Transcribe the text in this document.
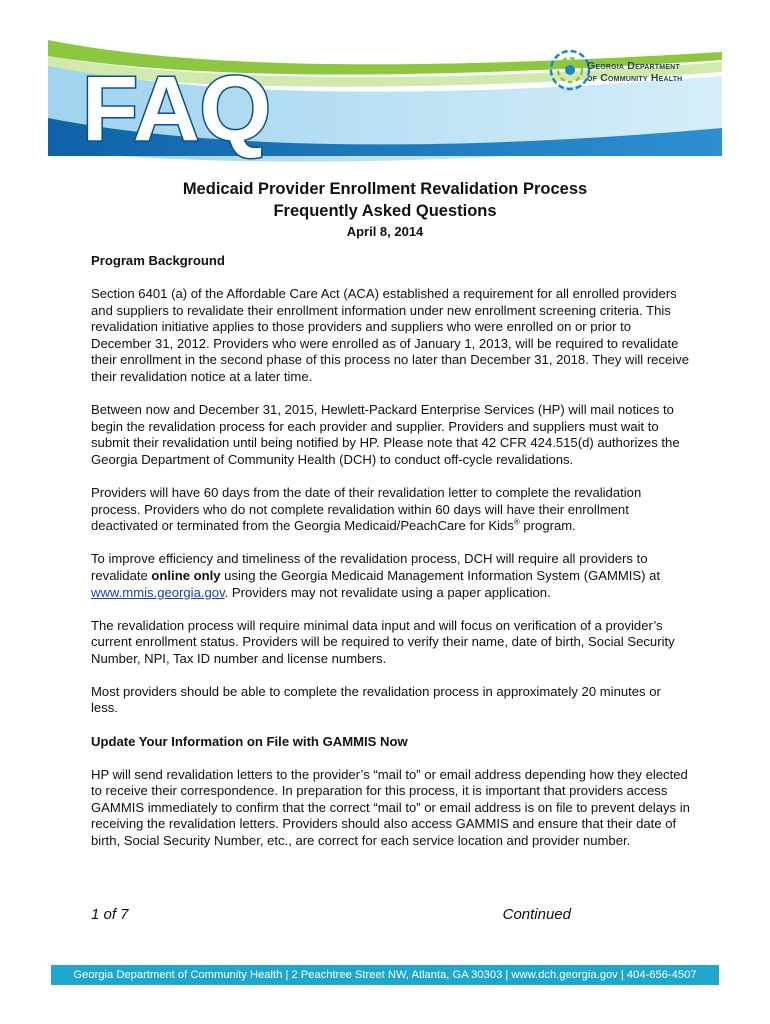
FAQ	Georgia Department
of Community Health
Medicaid Provider Enrollment Revalidation Process
Frequently Asked Questions
April 8, 2014
Program Background

Section 6401 (a) of the Affordable Care Act (ACA) established a requirement for all enrolled providers and suppliers to revalidate their enrollment information under new enrollment screening criteria. This revalidation initiative applies to those providers and suppliers who were enrolled on or prior to December 31, 2012. Providers who were enrolled as of January 1, 2013, will be required to revalidate their enrollment in the second phase of this process no later than December 31, 2018. They will receive their revalidation notice at a later time.

Between now and December 31, 2015, Hewlett-Packard Enterprise Services (HP) will mail notices to begin the revalidation process for each provider and supplier. Providers and suppliers must wait to submit their revalidation until being notified by HP. Please note that 42 CFR 424.515(d) authorizes the Georgia Department of Community Health (DCH) to conduct off-cycle revalidations.

Providers will have 60 days from the date of their revalidation letter to complete the revalidation process. Providers who do not complete revalidation within 60 days will have their enrollment deactivated or terminated from the Georgia Medicaid/PeachCare for Kids® program.

To improve efficiency and timeliness of the revalidation process, DCH will require all providers to revalidate online only using the Georgia Medicaid Management Information System (GAMMIS) at www.mmis.georgia.gov. Providers may not revalidate using a paper application.

The revalidation process will require minimal data input and will focus on verification of a provider’s current enrollment status. Providers will be required to verify their name, date of birth, Social Security Number, NPI, Tax ID number and license numbers.

Most providers should be able to complete the revalidation process in approximately 20 minutes or less.

Update Your Information on File with GAMMIS Now

HP will send revalidation letters to the provider’s “mail to” or email address depending how they elected to receive their correspondence. In preparation for this process, it is important that providers access GAMMIS immediately to confirm that the correct “mail to” or email address is on file to prevent delays in receiving the revalidation letters. Providers should also access GAMMIS and ensure that their date of birth, Social Security Number, etc., are correct for each service location and provider number.

1 of 7	Continued
Georgia Department of Community Health | 2 Peachtree Street NW, Atlanta, GA 30303 | www.dch.georgia.gov | 404-656-4507
